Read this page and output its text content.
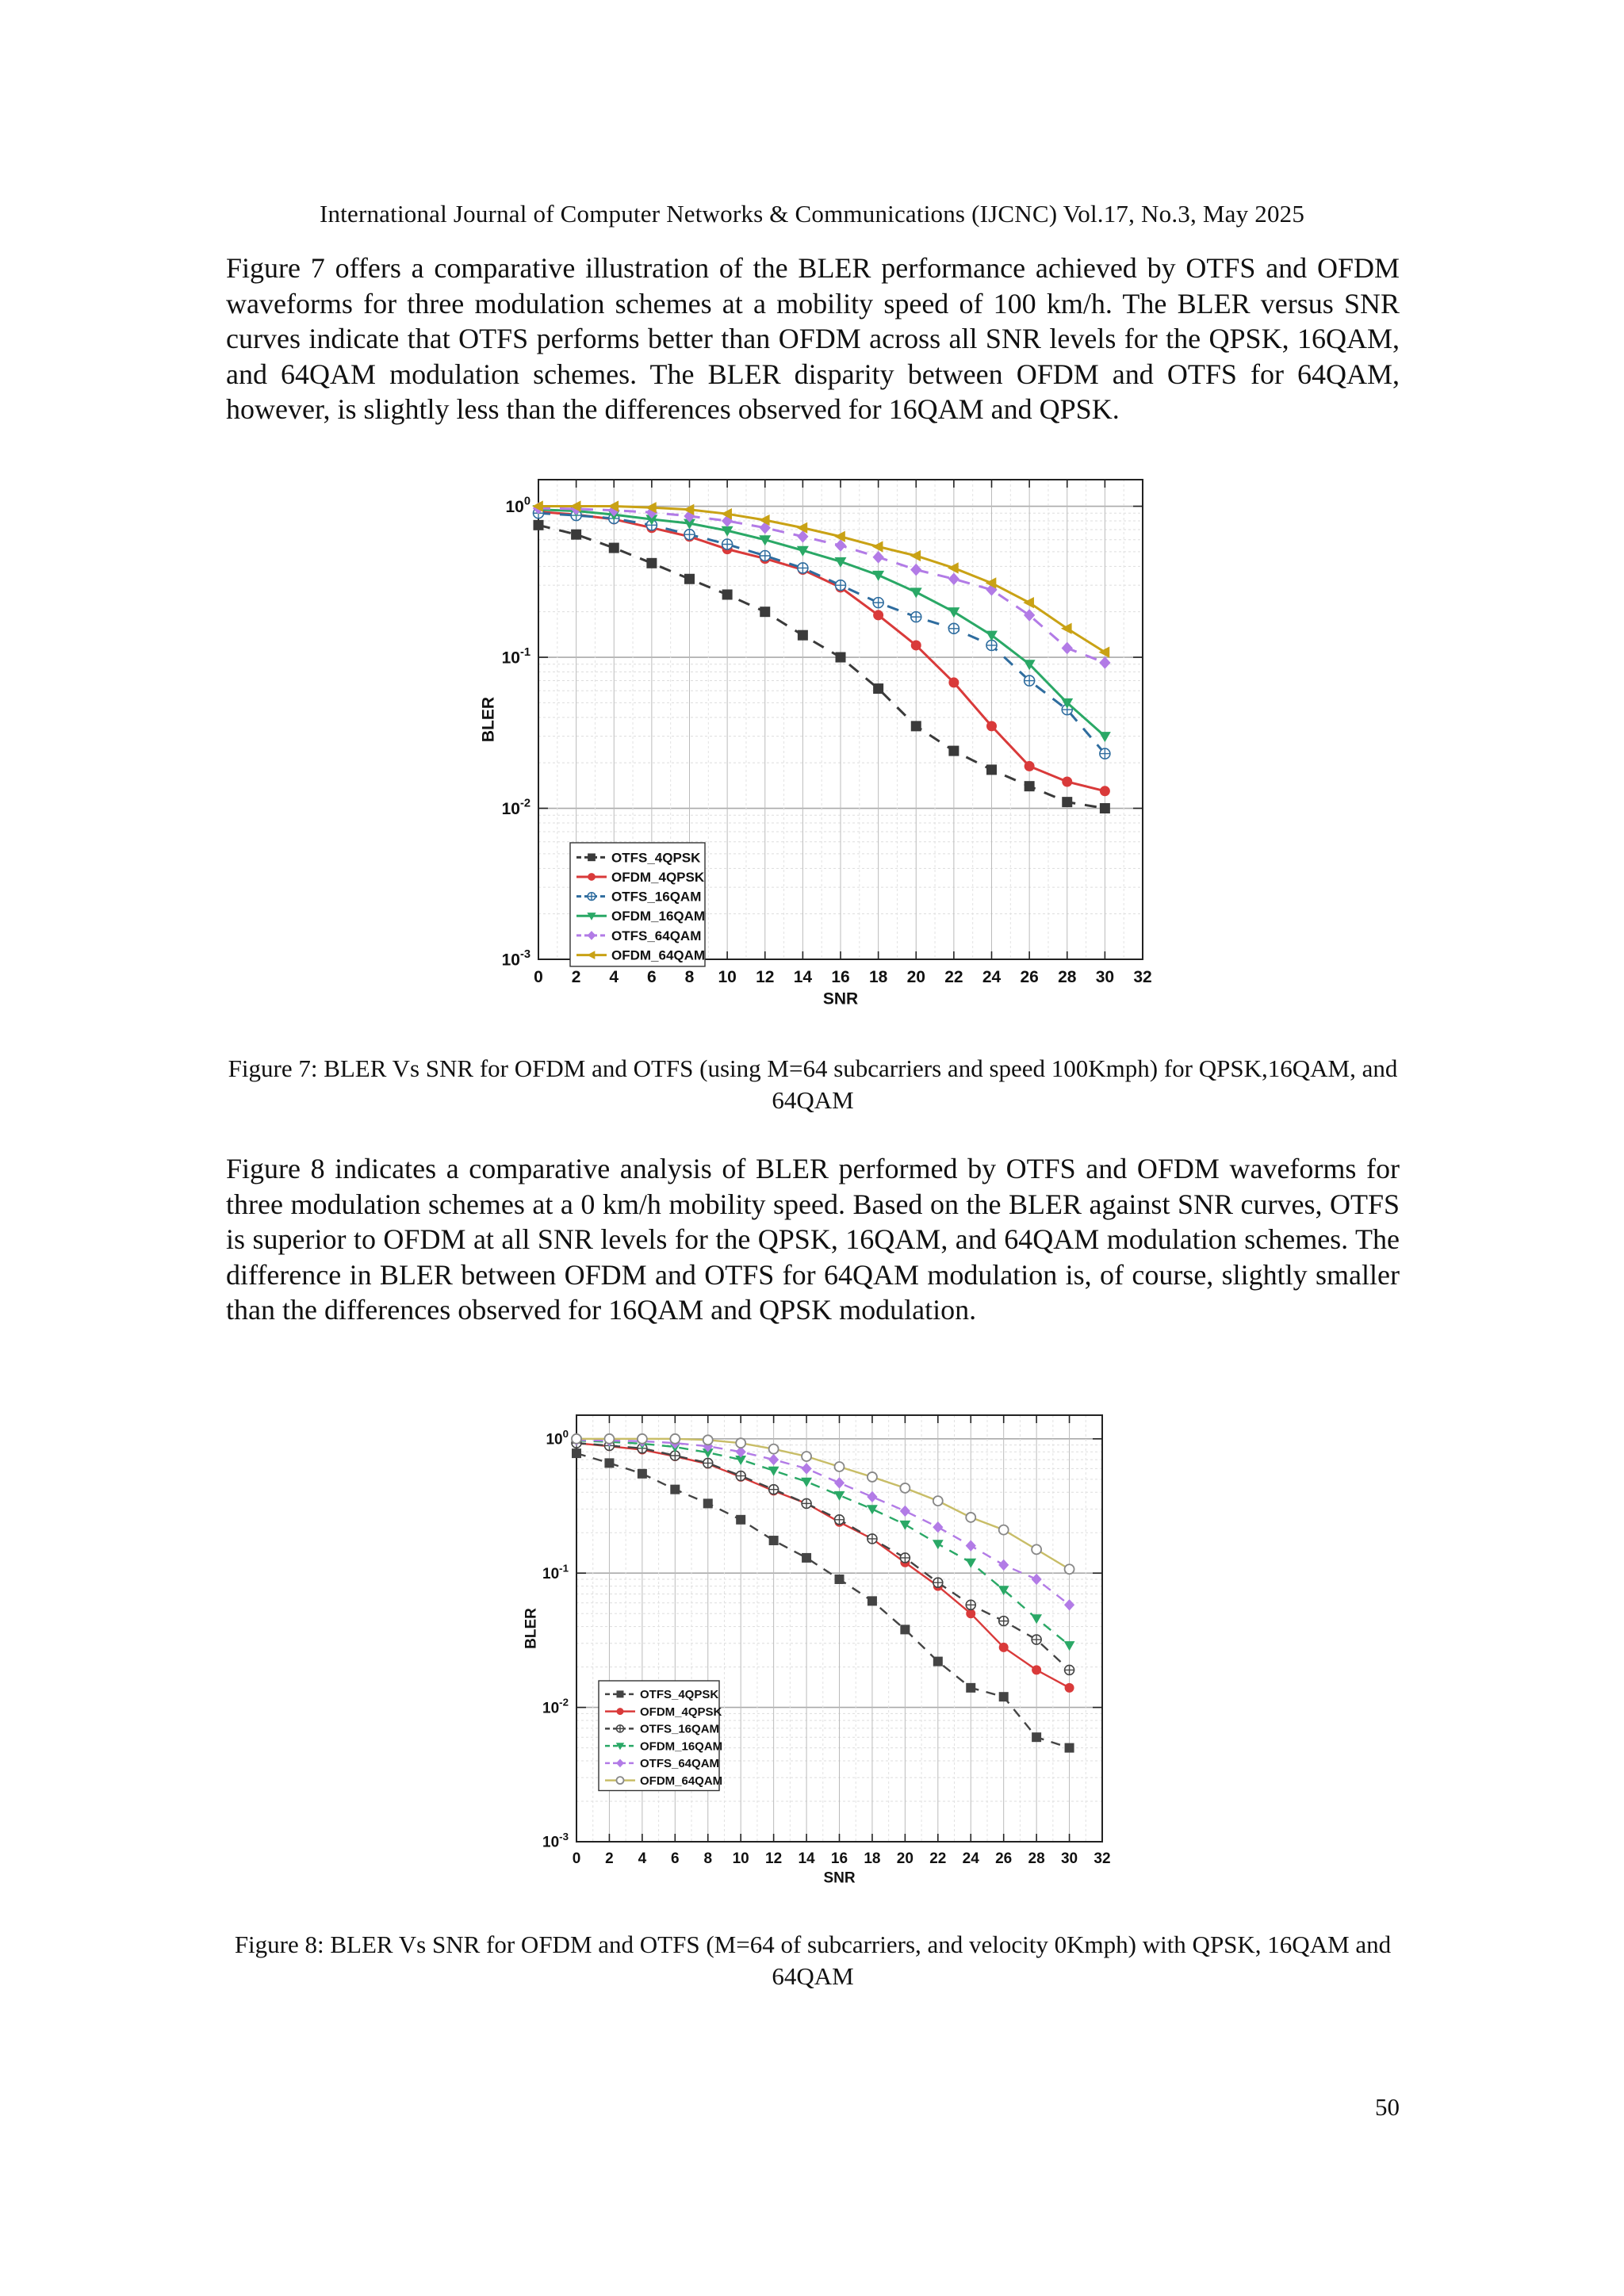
International Journal of Computer Networks & Communications (IJCNC) Vol.17, No.3, May 2025
Figure 7 offers a comparative illustration of the BLER performance achieved by OTFS and OFDM waveforms for three modulation schemes at a mobility speed of 100 km/h. The BLER versus SNR curves indicate that OTFS performs better than OFDM across all SNR levels for the QPSK, 16QAM, and 64QAM modulation schemes. The BLER disparity between OFDM and OTFS for 64QAM, however, is slightly less than the differences observed for 16QAM and QPSK.
0 2 4 6 8 10 12 14 16 18 20 22 24 26 28 30 32
$10^{-3}$
$10^{-2}$
$10^{-1}$
$10^0$
SNR
BLER
OTFS_4QPSK
OFDM_4QPSK
OTFS_16QAM
OFDM_16QAM
OTFS_64QAM
OFDM_64QAM
Figure 7: BLER Vs SNR for OFDM and OTFS (using M=64 subcarriers and speed 100Kmph) for QPSK,16QAM, and 64QAM
Figure 8 indicates a comparative analysis of BLER performed by OTFS and OFDM waveforms for three modulation schemes at a 0 km/h mobility speed. Based on the BLER against SNR curves, OTFS is superior to OFDM at all SNR levels for the QPSK, 16QAM, and 64QAM modulation schemes. The difference in BLER between OFDM and OTFS for 64QAM modulation is, of course, slightly smaller than the differences observed for 16QAM and QPSK modulation.
0 2 4 6 8 10 12 14 16 18 20 22 24 26 28 30 32
$10^{-3}$
$10^{-2}$
$10^{-1}$
$10^0$
SNR
BLER
OTFS_4QPSK
OFDM_4QPSK
OTFS_16QAM
OFDM_16QAM
OTFS_64QAM
OFDM_64QAM
Figure 8: BLER Vs SNR for OFDM and OTFS (M=64 of subcarriers, and velocity 0Kmph) with QPSK, 16QAM and 64QAM
50
